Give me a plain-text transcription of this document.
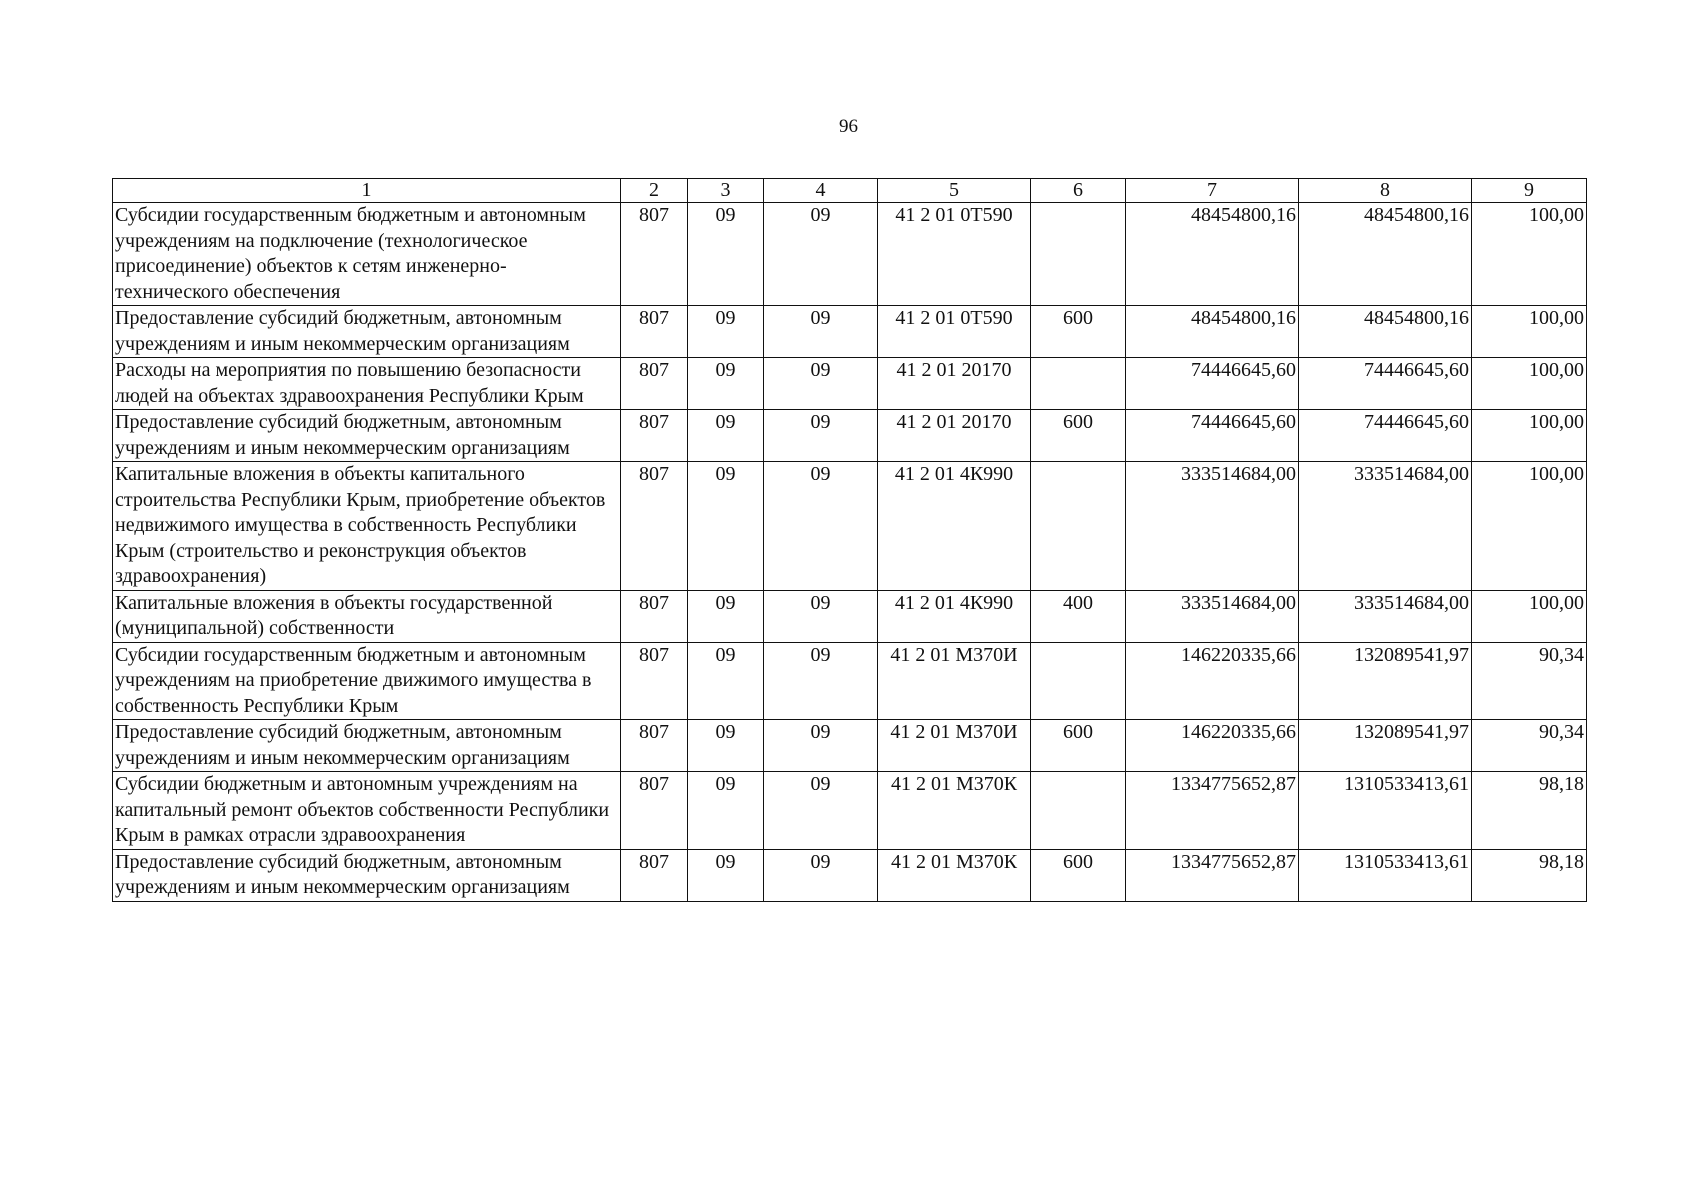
96
1	2	3	4	5	6	7	8	9
Субсидии государственным бюджетным и автономным учреждениям на подключение (технологическое присоединение) объектов к сетям инженерно-технического обеспечения	807	09	09	41 2 01 0Т590		48454800,16	48454800,16	100,00
Предоставление субсидий бюджетным, автономным учреждениям и иным некоммерческим организациям	807	09	09	41 2 01 0Т590	600	48454800,16	48454800,16	100,00
Расходы на мероприятия по повышению безопасности людей на объектах здравоохранения Республики Крым	807	09	09	41 2 01 20170		74446645,60	74446645,60	100,00
Предоставление субсидий бюджетным, автономным учреждениям и иным некоммерческим организациям	807	09	09	41 2 01 20170	600	74446645,60	74446645,60	100,00
Капитальные вложения в объекты капитального строительства Республики Крым, приобретение объектов недвижимого имущества в собственность Республики Крым (строительство и реконструкция объектов здравоохранения)	807	09	09	41 2 01 4К990		333514684,00	333514684,00	100,00
Капитальные вложения в объекты государственной (муниципальной) собственности	807	09	09	41 2 01 4К990	400	333514684,00	333514684,00	100,00
Субсидии государственным бюджетным и автономным учреждениям на приобретение движимого имущества в собственность Республики Крым	807	09	09	41 2 01 М370И		146220335,66	132089541,97	90,34
Предоставление субсидий бюджетным, автономным учреждениям и иным некоммерческим организациям	807	09	09	41 2 01 М370И	600	146220335,66	132089541,97	90,34
Субсидии бюджетным и автономным учреждениям на капитальный ремонт объектов собственности Республики Крым в рамках отрасли здравоохранения	807	09	09	41 2 01 М370К		1334775652,87	1310533413,61	98,18
Предоставление субсидий бюджетным, автономным учреждениям и иным некоммерческим организациям	807	09	09	41 2 01 М370К	600	1334775652,87	1310533413,61	98,18
